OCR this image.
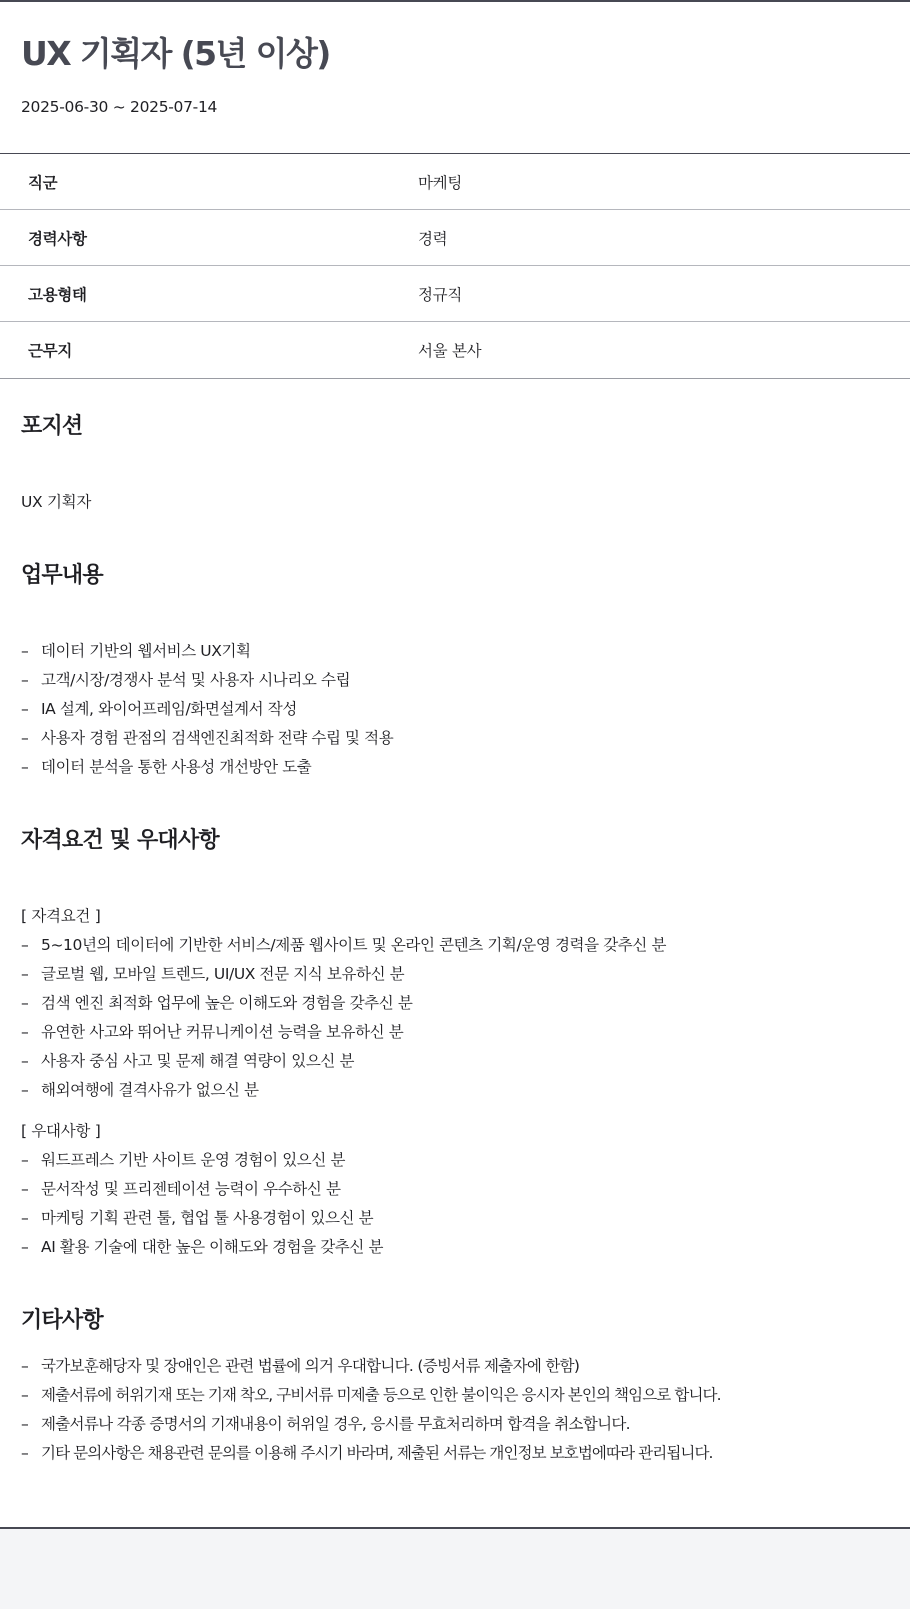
UX 기획자 (5년 이상)
2025-06-30 ~ 2025-07-14
직군	마케팅
경력사항	경력
고용형태	정규직
근무지	서울 본사
포지션
UX 기획자
업무내용
– 데이터 기반의 웹서비스 UX기획
– 고객/시장/경쟁사 분석 및 사용자 시나리오 수립
– IA 설계, 와이어프레임/화면설계서 작성
– 사용자 경험 관점의 검색엔진최적화 전략 수립 및 적용
– 데이터 분석을 통한 사용성 개선방안 도출
자격요건 및 우대사항
[ 자격요건 ]
– 5~10년의 데이터에 기반한 서비스/제품 웹사이트 및 온라인 콘텐츠 기획/운영 경력을 갖추신 분
– 글로벌 웹, 모바일 트렌드, UI/UX 전문 지식 보유하신 분
– 검색 엔진 최적화 업무에 높은 이해도와 경험을 갖추신 분
– 유연한 사고와 뛰어난 커뮤니케이션 능력을 보유하신 분
– 사용자 중심 사고 및 문제 해결 역량이 있으신 분
– 해외여행에 결격사유가 없으신 분
[ 우대사항 ]
– 워드프레스 기반 사이트 운영 경험이 있으신 분
– 문서작성 및 프리젠테이션 능력이 우수하신 분
– 마케팅 기획 관련 툴, 협업 툴 사용경험이 있으신 분
– AI 활용 기술에 대한 높은 이해도와 경험을 갖추신 분
기타사항
– 국가보훈해당자 및 장애인은 관련 법률에 의거 우대합니다. (증빙서류 제출자에 한함)
– 제출서류에 허위기재 또는 기재 착오, 구비서류 미제출 등으로 인한 불이익은 응시자 본인의 책임으로 합니다.
– 제출서류나 각종 증명서의 기재내용이 허위일 경우, 응시를 무효처리하며 합격을 취소합니다.
– 기타 문의사항은 채용관련 문의를 이용해 주시기 바라며, 제출된 서류는 개인정보 보호법에따라 관리됩니다.
